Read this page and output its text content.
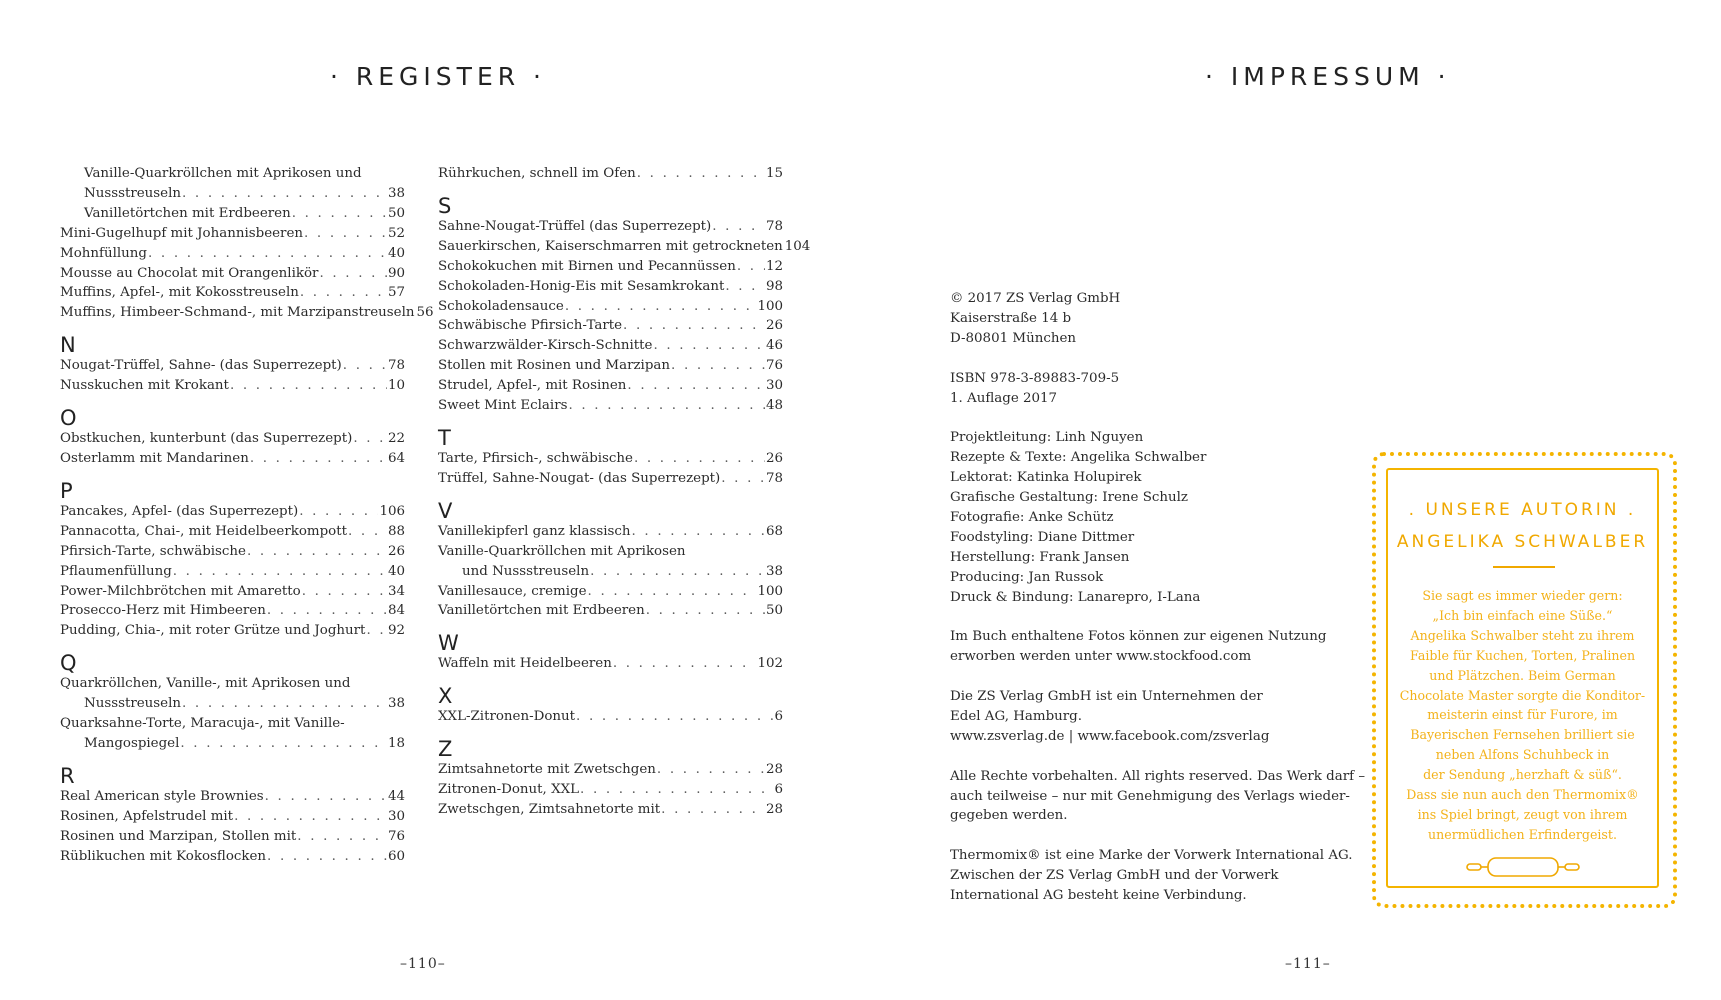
· REGISTER ·
Vanille-Quarkröllchen mit Aprikosen und
Nussstreuseln . . .	38
Vanilletörtchen mit Erdbeeren . . .	50
Mini-Gugelhupf mit Johannisbeeren . . .	52
Mohnfüllung . . .	40
Mousse au Chocolat mit Orangenlikör . . .	90
Muffins, Apfel-, mit Kokosstreuseln . . .	57
Muffins, Himbeer-Schmand-, mit Marzipanstreuseln 56
N
Nougat-Trüffel, Sahne- (das Superrezept) . . .	78
Nusskuchen mit Krokant . . .	10
O
Obstkuchen, kunterbunt (das Superrezept) . . .	22
Osterlamm mit Mandarinen . . .	64
P
Pancakes, Apfel- (das Superrezept) . . .	106
Pannacotta, Chai-, mit Heidelbeerkompott . . .	88
Pfirsich-Tarte, schwäbische . . .	26
Pflaumenfüllung . . .	40
Power-Milchbrötchen mit Amaretto . . .	34
Prosecco-Herz mit Himbeeren . . .	84
Pudding, Chia-, mit roter Grütze und Joghurt . . . 92
Q
Quarkröllchen, Vanille-, mit Aprikosen und
Nussstreuseln . . .	38
Quarksahne-Torte, Maracuja-, mit Vanille-
Mangospiegel . . .	18
R
Real American style Brownies . . .	44
Rosinen, Apfelstrudel mit . . .	30
Rosinen und Marzipan, Stollen mit . . .	76
Rüblikuchen mit Kokosflocken . . .	60
Rührkuchen, schnell im Ofen . . .	15
S
Sahne-Nougat-Trüffel (das Superrezept) . . .	78
Sauerkirschen, Kaiserschmarren mit getrockneten 104
Schokokuchen mit Birnen und Pecannüssen . . . 12
Schokoladen-Honig-Eis mit Sesamkrokant . . .	98
Schokoladensauce . . .	100
Schwäbische Pfirsich-Tarte . . .	26
Schwarzwälder-Kirsch-Schnitte . . .	46
Stollen mit Rosinen und Marzipan . . .	76
Strudel, Apfel-, mit Rosinen . . .	30
Sweet Mint Eclairs . . .	48
T
Tarte, Pfirsich-, schwäbische . . .	26
Trüffel, Sahne-Nougat- (das Superrezept) . . .	78
V
Vanillekipferl ganz klassisch . . .	68
Vanille-Quarkröllchen mit Aprikosen
und Nussstreuseln . . .	38
Vanillesauce, cremige . . .	100
Vanilletörtchen mit Erdbeeren . . .	50
W
Waffeln mit Heidelbeeren . . .	102
X
XXL-Zitronen-Donut . . .	6
Z
Zimtsahnetorte mit Zwetschgen . . .	28
Zitronen-Donut, XXL . . .	6
Zwetschgen, Zimtsahnetorte mit . . .	28
–110–
· IMPRESSUM ·
© 2017 ZS Verlag GmbH
Kaiserstraße 14 b
D-80801 München
ISBN 978-3-89883-709-5
1. Auflage 2017
Projektleitung: Linh Nguyen
Rezepte & Texte: Angelika Schwalber
Lektorat: Katinka Holupirek
Grafische Gestaltung: Irene Schulz
Fotografie: Anke Schütz
Foodstyling: Diane Dittmer
Herstellung: Frank Jansen
Producing: Jan Russok
Druck & Bindung: Lanarepro, I-Lana
Im Buch enthaltene Fotos können zur eigenen Nutzung
erworben werden unter www.stockfood.com
Die ZS Verlag GmbH ist ein Unternehmen der
Edel AG, Hamburg.
www.zsverlag.de | www.facebook.com/zsverlag
Alle Rechte vorbehalten. All rights reserved. Das Werk darf –
auch teilweise – nur mit Genehmigung des Verlags wieder-
gegeben werden.
Thermomix® ist eine Marke der Vorwerk International AG.
Zwischen der ZS Verlag GmbH und der Vorwerk
International AG besteht keine Verbindung.
. UNSERE AUTORIN .
ANGELIKA SCHWALBER
Sie sagt es immer wieder gern:
„Ich bin einfach eine Süße.“
Angelika Schwalber steht zu ihrem
Faible für Kuchen, Torten, Pralinen
und Plätzchen. Beim German
Chocolate Master sorgte die Konditor-
meisterin einst für Furore, im
Bayerischen Fernsehen brilliert sie
neben Alfons Schuhbeck in
der Sendung „herzhaft & süß“.
Dass sie nun auch den Thermomix®
ins Spiel bringt, zeugt von ihrem
unermüdlichen Erfindergeist.
–111–
